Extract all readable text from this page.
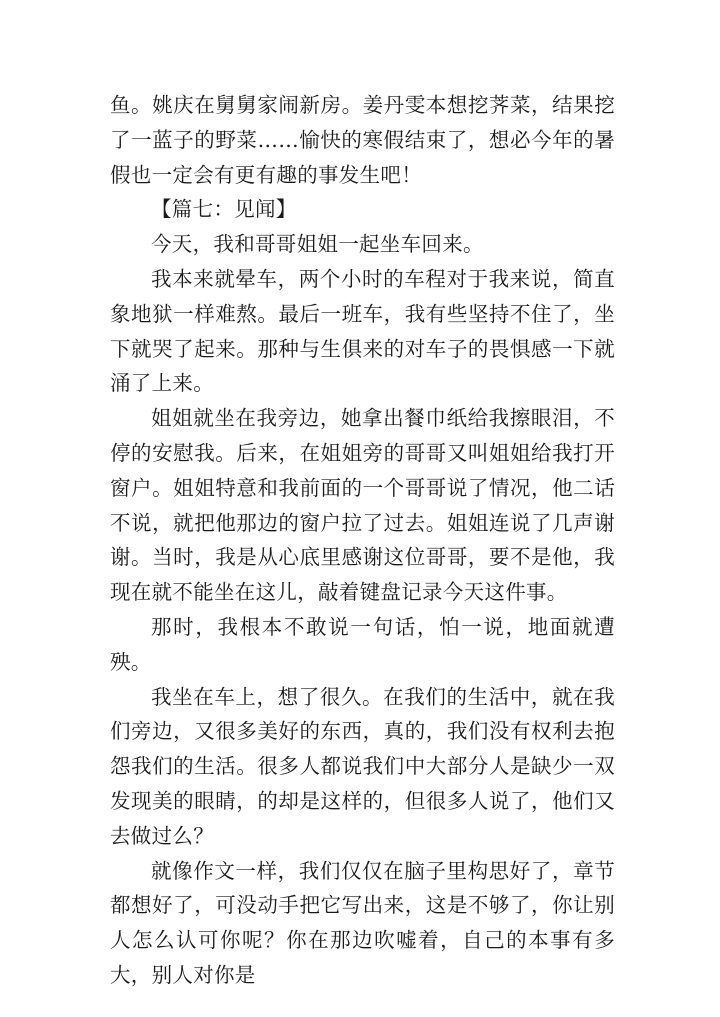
鱼。姚庆在舅舅家闹新房。姜丹雯本想挖荠菜，结果挖了一蓝子的野菜……愉快的寒假结束了，想必今年的暑假也一定会有更有趣的事发生吧！

【篇七：见闻】

今天，我和哥哥姐姐一起坐车回来。

我本来就晕车，两个小时的车程对于我来说，简直象地狱一样难熬。最后一班车，我有些坚持不住了，坐下就哭了起来。那种与生俱来的对车子的畏惧感一下就涌了上来。

姐姐就坐在我旁边，她拿出餐巾纸给我擦眼泪，不停的安慰我。后来，在姐姐旁的哥哥又叫姐姐给我打开窗户。姐姐特意和我前面的一个哥哥说了情况，他二话不说，就把他那边的窗户拉了过去。姐姐连说了几声谢谢。当时，我是从心底里感谢这位哥哥，要不是他，我现在就不能坐在这儿，敲着键盘记录今天这件事。

那时，我根本不敢说一句话，怕一说，地面就遭殃。

我坐在车上，想了很久。在我们的生活中，就在我们旁边，又很多美好的东西，真的，我们没有权利去抱怨我们的生活。很多人都说我们中大部分人是缺少一双发现美的眼睛，的却是这样的，但很多人说了，他们又去做过么？

就像作文一样，我们仅仅在脑子里构思好了，章节都想好了，可没动手把它写出来，这是不够了，你让别人怎么认可你呢？你在那边吹嘘着，自己的本事有多大，别人对你是
